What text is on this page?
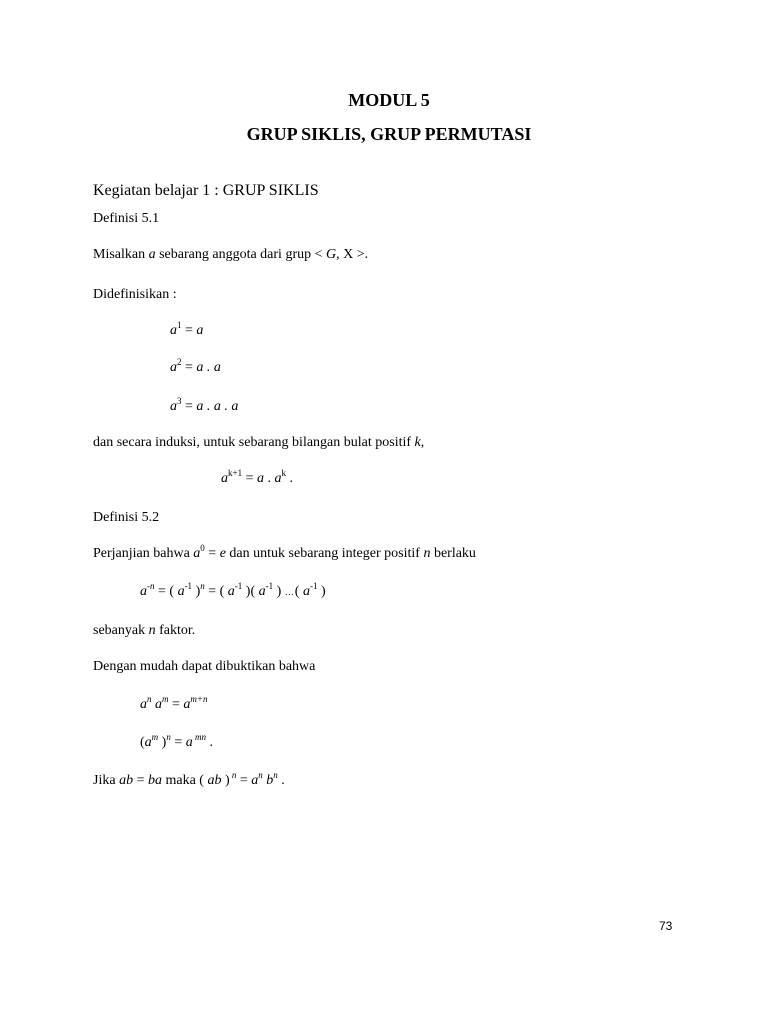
MODUL 5
GRUP SIKLIS, GRUP PERMUTASI
Kegiatan belajar 1 : GRUP SIKLIS
Definisi 5.1
Misalkan a sebarang anggota dari grup < G, X >.
Didefinisikan :
$a^1 = a$
$a^2 = a$ . a
$a^3 = a$ . a . a
dan secara induksi, untuk sebarang bilangan bulat positif k,
$a^{k+1} = a$ . $a^k$ .
Definisi 5.2
Perjanjian bahwa $a^0 = e$ dan untuk sebarang integer positif n berlaku
$a^{-n}$ = ( $a^{-1}$ )$^n$ = ( $a^{-1}$ )( $a^{-1}$ ) …( $a^{-1}$ )
sebanyak n faktor.
Dengan mudah dapat dibuktikan bahwa
$a^n$ $a^m = a^{m+n}$
($a^m$ )$^n$ = a $^{mn}$ .
Jika ab = ba maka ( ab ) $^n = a^n$ $b^n$ .
73
